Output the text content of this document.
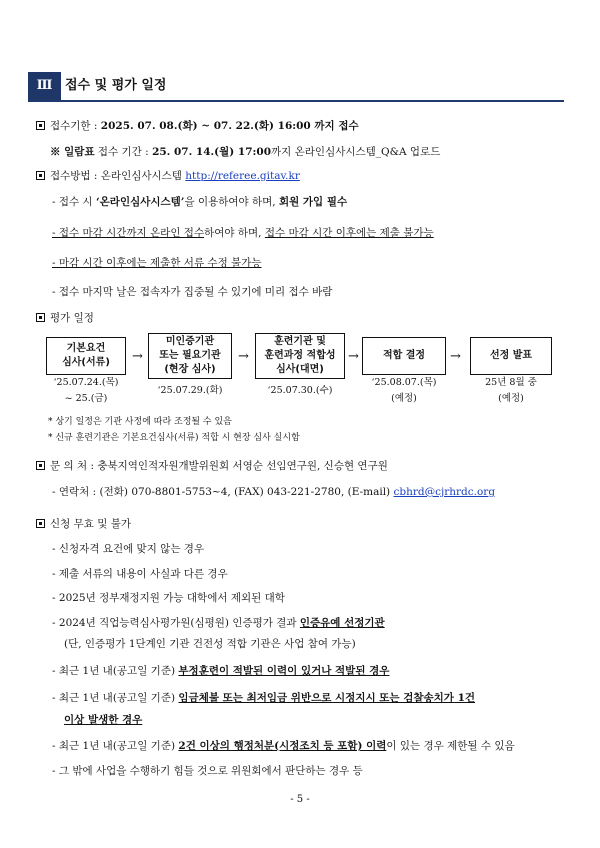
Ⅲ 접수 및 평가 일정
접수기한 : 2025. 07. 08.(화) ~ 07. 22.(화) 16:00 까지 접수
※ 일람표 접수 기간 : 25. 07. 14.(월) 17:00까지 온라인심사시스템_Q&A 업로드
접수방법 : 온라인심사시스템 http://referee.gitav.kr
- 접수 시 ‘온라인심사시스템’을 이용하여야 하며, 회원 가입 필수
- 접수 마감 시간까지 온라인 접수하여야 하며, 접수 마감 시간 이후에는 제출 불가능
- 마감 시간 이후에는 제출한 서류 수정 불가능
- 접수 마지막 날은 접속자가 집중될 수 있기에 미리 접수 바람
평가 일정
기본요건
심사(서류)	→
미인증기관
또는 필요기관
(현장 심사)
→
훈련기관 및
훈련과정 적합성
심사(대면)
→	적합 결정	→	선정 발표
‘25.07.24.(목)
~ 25.(금)
‘25.07.29.(화)	‘25.07.30.(수)
‘25.08.07.(목)
(예정)
25년 8월 중
(예정)
* 상기 일정은 기관 사정에 따라 조정될 수 있음
* 신규 훈련기관은 기본요건심사(서류) 적합 시 현장 심사 실시함
문 의 처 : 충북지역인적자원개발위원회 서영순 선임연구원, 신승현 연구원
- 연락처 : (전화) 070-8801-5753~4, (FAX) 043-221-2780, (E-mail) cbhrd@cjrhrdc.org
신청 무효 및 불가
- 신청자격 요건에 맞지 않는 경우
- 제출 서류의 내용이 사실과 다른 경우
- 2025년 정부재정지원 가능 대학에서 제외된 대학
- 2024년 직업능력심사평가원(심평원) 인증평가 결과 인증유예 선정기관
(단, 인증평가 1단계인 기관 건전성 적합 기관은 사업 참여 가능)
- 최근 1년 내(공고일 기준) 부정훈련이 적발된 이력이 있거나 적발된 경우
- 최근 1년 내(공고일 기준) 임금체불 또는 최저임금 위반으로 시정지시 또는 검찰송치가 1건
이상 발생한 경우
- 최근 1년 내(공고일 기준) 2건 이상의 행정처분(시정조치 등 포함) 이력이 있는 경우 제한될 수 있음
- 그 밖에 사업을 수행하기 힘들 것으로 위원회에서 판단하는 경우 등
- 5 -
